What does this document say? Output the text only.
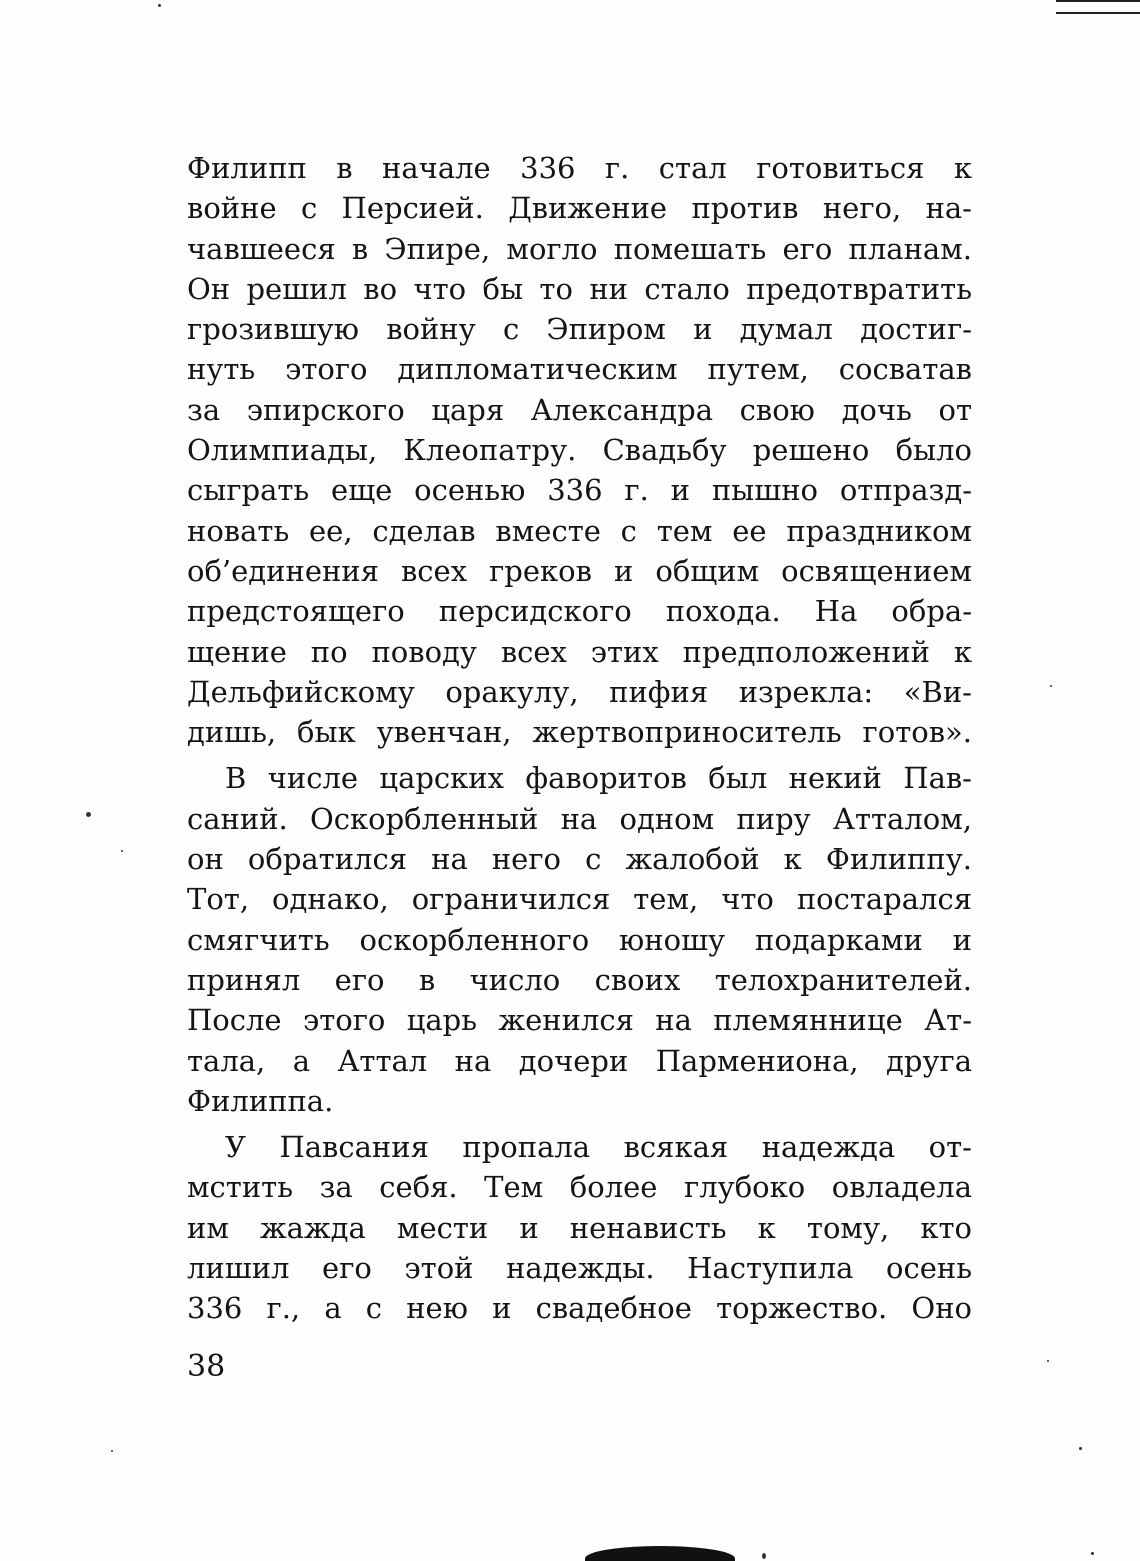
Филипп в начале 336 г. стал готовиться к
войне с Персией. Движение против него, на-
чавшееся в Эпире, могло помешать его планам.
Он решил во что бы то ни стало предотвратить
грозившую войну с Эпиром и думал достиг-
нуть этого дипломатическим путем, сосватав
за эпирского царя Александра свою дочь от
Олимпиады, Клеопатру. Свадьбу решено было
сыграть еще осенью 336 г. и пышно отпразд-
новать ее, сделав вместе с тем ее праздником
об’единения всех греков и общим освящением
предстоящего персидского похода. На обра-
щение по поводу всех этих предположений к
Дельфийскому оракулу, пифия изрекла: «Ви-
дишь, бык увенчан, жертвоприноситель готов».
В числе царских фаворитов был некий Пав-
саний. Оскорбленный на одном пиру Атталом,
он обратился на него с жалобой к Филиппу.
Тот, однако, ограничился тем, что постарался
смягчить оскорбленного юношу подарками и
принял его в число своих телохранителей.
После этого царь женился на племяннице Ат-
тала, а Аттал на дочери Пармениона, друга
Филиппа.
У Павсания пропала всякая надежда от-
мстить за себя. Тем более глубоко овладела
им жажда мести и ненависть к тому, кто
лишил его этой надежды. Наступила осень
336 г., а с нею и свадебное торжество. Оно
38
